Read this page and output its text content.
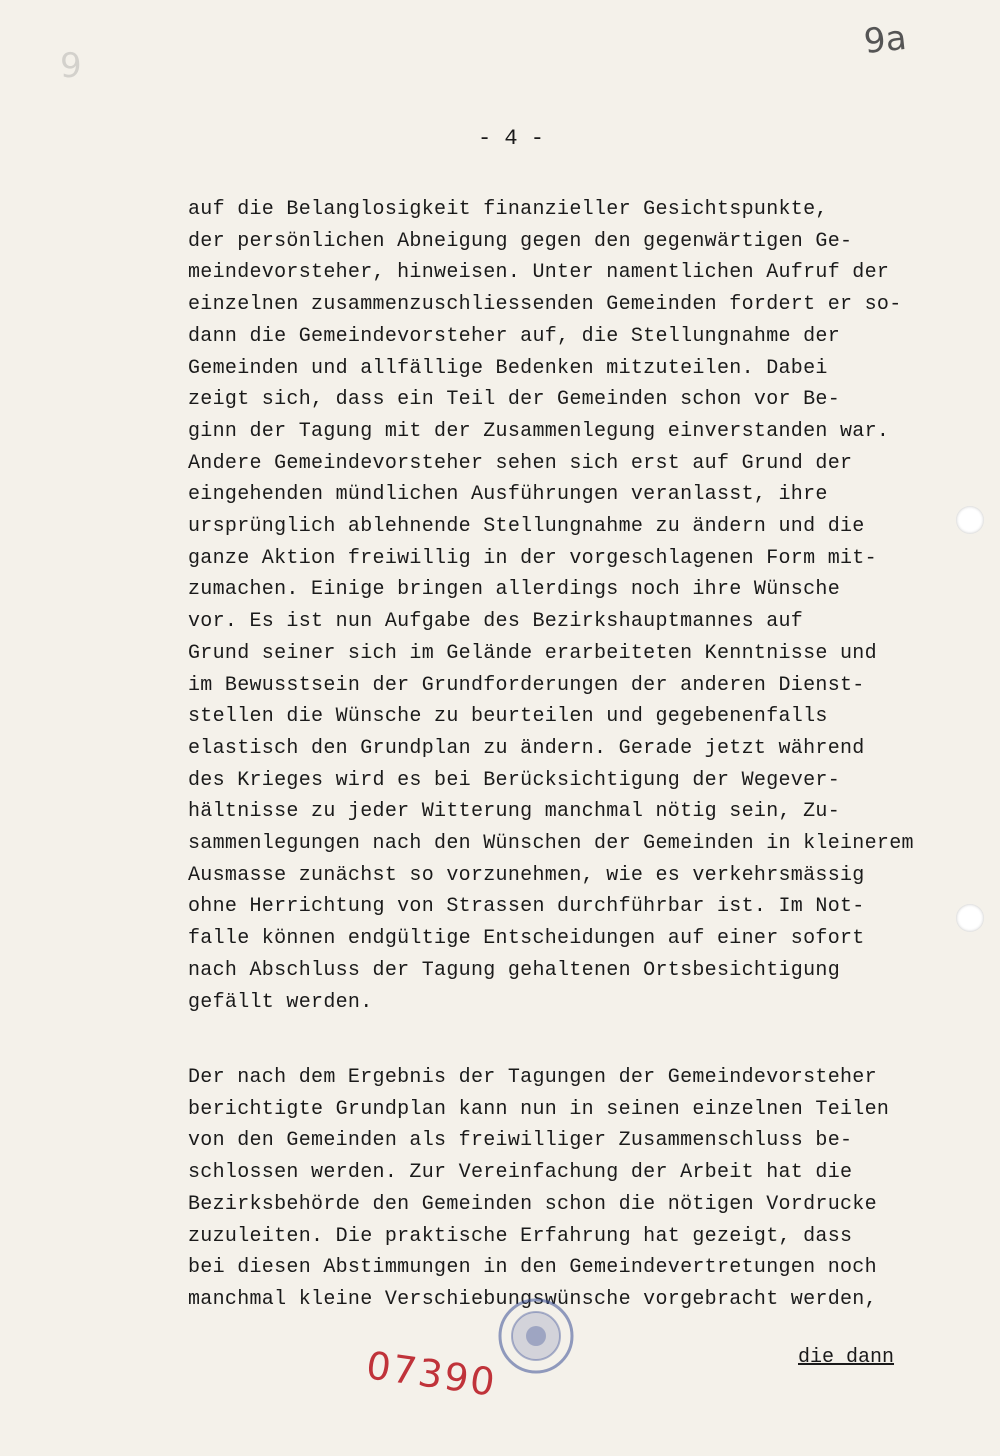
9
9a
- 4 -
auf die Belanglosigkeit finanzieller Gesichtspunkte,
der persönlichen Abneigung gegen den gegenwärtigen Ge-
meindevorsteher, hinweisen. Unter namentlichen Aufruf der
einzelnen zusammenzuschliessenden Gemeinden fordert er so-
dann die Gemeindevorsteher auf, die Stellungnahme der
Gemeinden und allfällige Bedenken mitzuteilen. Dabei
zeigt sich, dass ein Teil der Gemeinden schon vor Be-
ginn der Tagung mit der Zusammenlegung einverstanden war.
Andere Gemeindevorsteher sehen sich erst auf Grund der
eingehenden mündlichen Ausführungen veranlasst, ihre
ursprünglich ablehnende Stellungnahme zu ändern und die
ganze Aktion freiwillig in der vorgeschlagenen Form mit-
zumachen. Einige bringen allerdings noch ihre Wünsche
vor. Es ist nun Aufgabe des Bezirkshauptmannes auf
Grund seiner sich im Gelände erarbeiteten Kenntnisse und
im Bewusstsein der Grundforderungen der anderen Dienst-
stellen die Wünsche zu beurteilen und gegebenenfalls
elastisch den Grundplan zu ändern. Gerade jetzt während
des Krieges wird es bei Berücksichtigung der Wegever-
hältnisse zu jeder Witterung manchmal nötig sein, Zu-
sammenlegungen nach den Wünschen der Gemeinden in kleinerem
Ausmasse zunächst so vorzunehmen, wie es verkehrsmässig
ohne Herrichtung von Strassen durchführbar ist. Im Not-
falle können endgültige Entscheidungen auf einer sofort
nach Abschluss der Tagung gehaltenen Ortsbesichtigung
gefällt werden.
Der nach dem Ergebnis der Tagungen der Gemeindevorsteher
berichtigte Grundplan kann nun in seinen einzelnen Teilen
von den Gemeinden als freiwilliger Zusammenschluss be-
schlossen werden. Zur Vereinfachung der Arbeit hat die
Bezirksbehörde den Gemeinden schon die nötigen Vordrucke
zuzuleiten. Die praktische Erfahrung hat gezeigt, dass
bei diesen Abstimmungen in den Gemeindevertretungen noch
manchmal kleine Verschiebungswünsche vorgebracht werden,
07390	die dann
